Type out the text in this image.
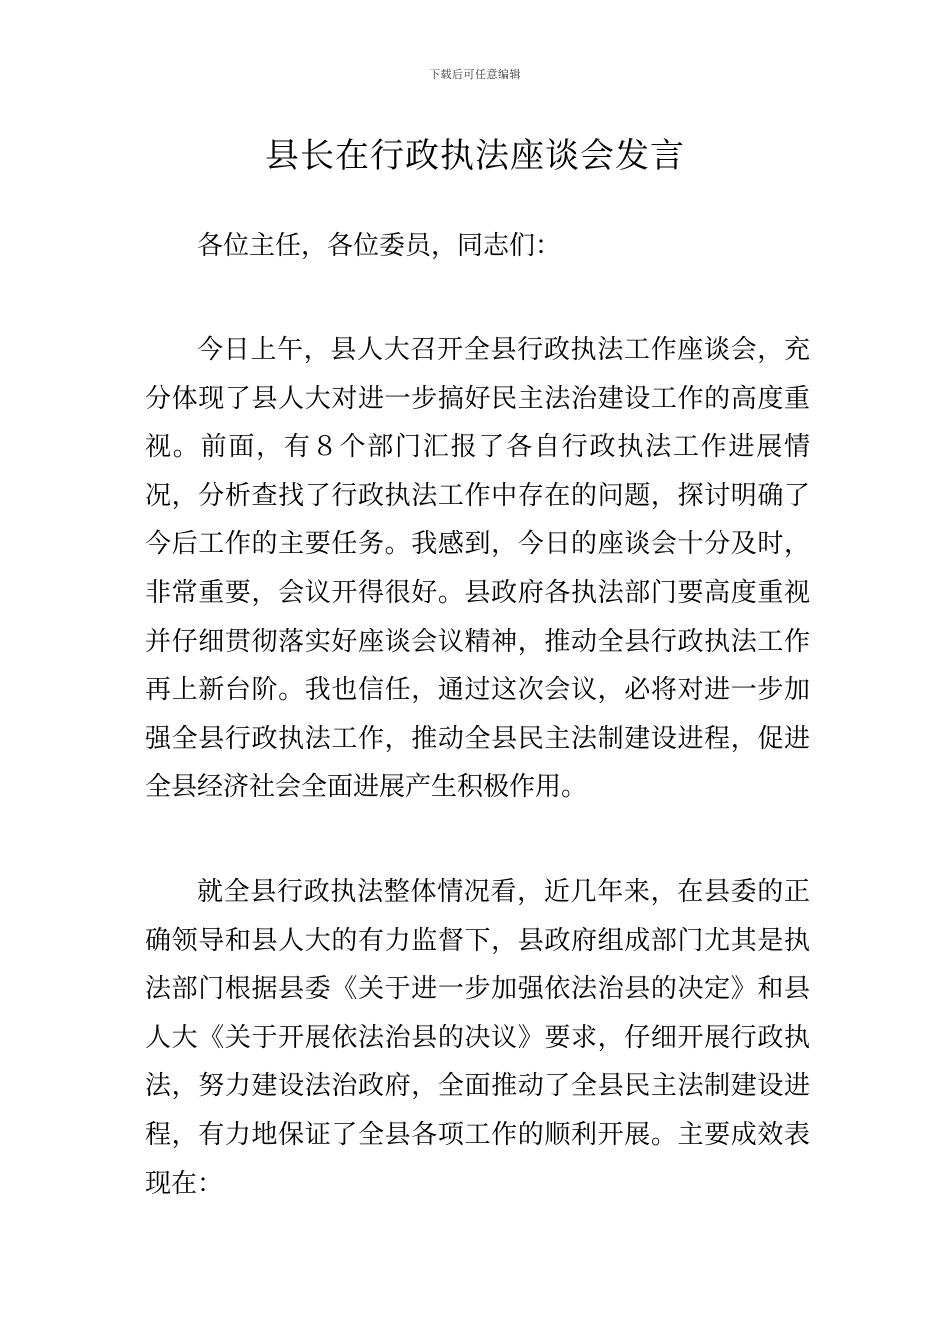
下载后可任意编辑
县长在行政执法座谈会发言

各位主任，各位委员，同志们：

今日上午，县人大召开全县行政执法工作座谈会，充分体现了县人大对进一步搞好民主法治建设工作的高度重视。前面，有８个部门汇报了各自行政执法工作进展情况，分析查找了行政执法工作中存在的问题，探讨明确了今后工作的主要任务。我感到，今日的座谈会十分及时，非常重要，会议开得很好。县政府各执法部门要高度重视并仔细贯彻落实好座谈会议精神，推动全县行政执法工作再上新台阶。我也信任，通过这次会议，必将对进一步加强全县行政执法工作，推动全县民主法制建设进程，促进全县经济社会全面进展产生积极作用。

就全县行政执法整体情况看，近几年来，在县委的正确领导和县人大的有力监督下，县政府组成部门尤其是执法部门根据县委《关于进一步加强依法治县的决定》和县人大《关于开展依法治县的决议》要求，仔细开展行政执法，努力建设法治政府，全面推动了全县民主法制建设进程，有力地保证了全县各项工作的顺利开展。主要成效表现在：
